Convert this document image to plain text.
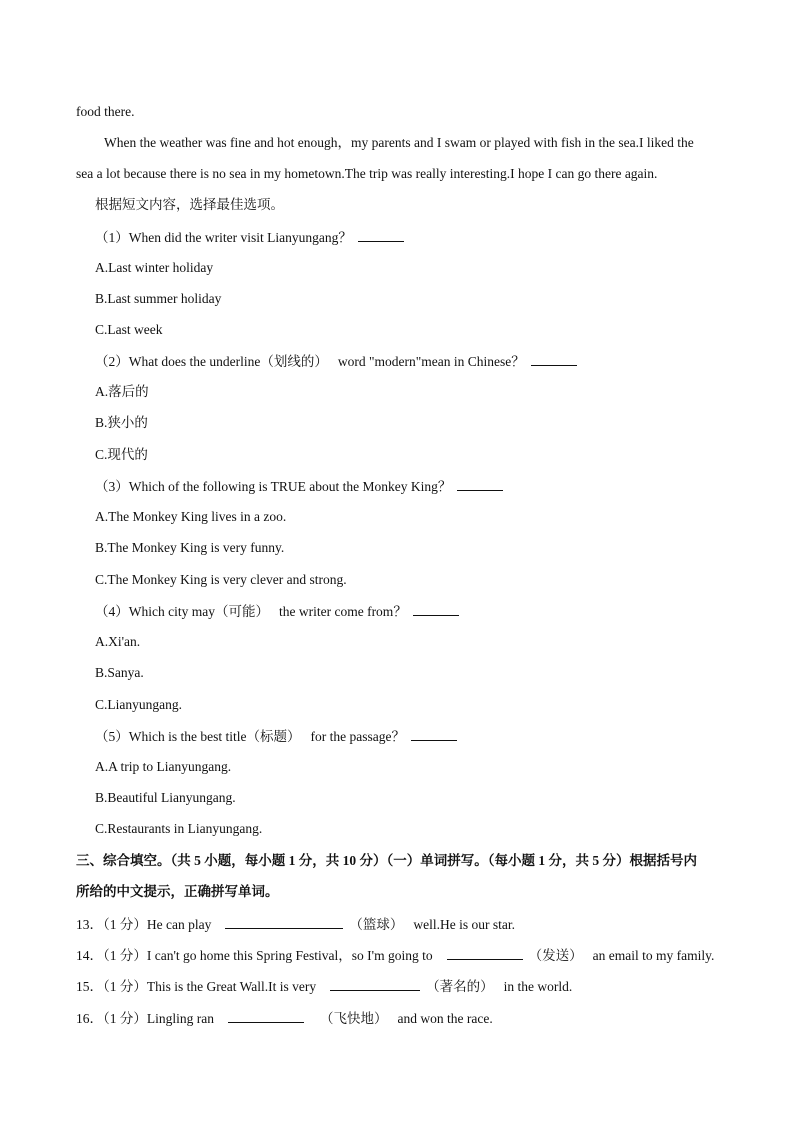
food there.
When the weather was fine and hot enough，my parents and I swam or played with fish in the sea.I liked the
sea a lot because there is no sea in my hometown.The trip was really interesting.I hope I can go there again.
根据短文内容，选择最佳选项。
（1）When did the writer visit Lianyungang？
A.Last winter holiday
B.Last summer holiday
C.Last week
（2）What does the underline（划线的） word "modern"mean in Chinese？
A.落后的
B.狭小的
C.现代的
（3）Which of the following is TRUE about the Monkey King？
A.The Monkey King lives in a zoo.
B.The Monkey King is very funny.
C.The Monkey King is very clever and strong.
（4）Which city may（可能） the writer come from？
A.Xi'an.
B.Sanya.
C.Lianyungang.
（5）Which is the best title（标题） for the passage？
A.A trip to Lianyungang.
B.Beautiful Lianyungang.
C.Restaurants in Lianyungang.
三、综合填空。（共 5 小题，每小题 1 分，共 10 分）（一）单词拼写。（每小题 1 分，共 5 分）根据括号内
所给的中文提示，正确拼写单词。
13．（1 分）He can play	（篮球） well.He is our star.
14．（1 分）I can't go home this Spring Festival，so I'm going to	（发送） an email to my family.
15．（1 分）This is the Great Wall.It is very	（著名的） in the world.
16．（1 分）Lingling ran	（飞快地） and won the race.
